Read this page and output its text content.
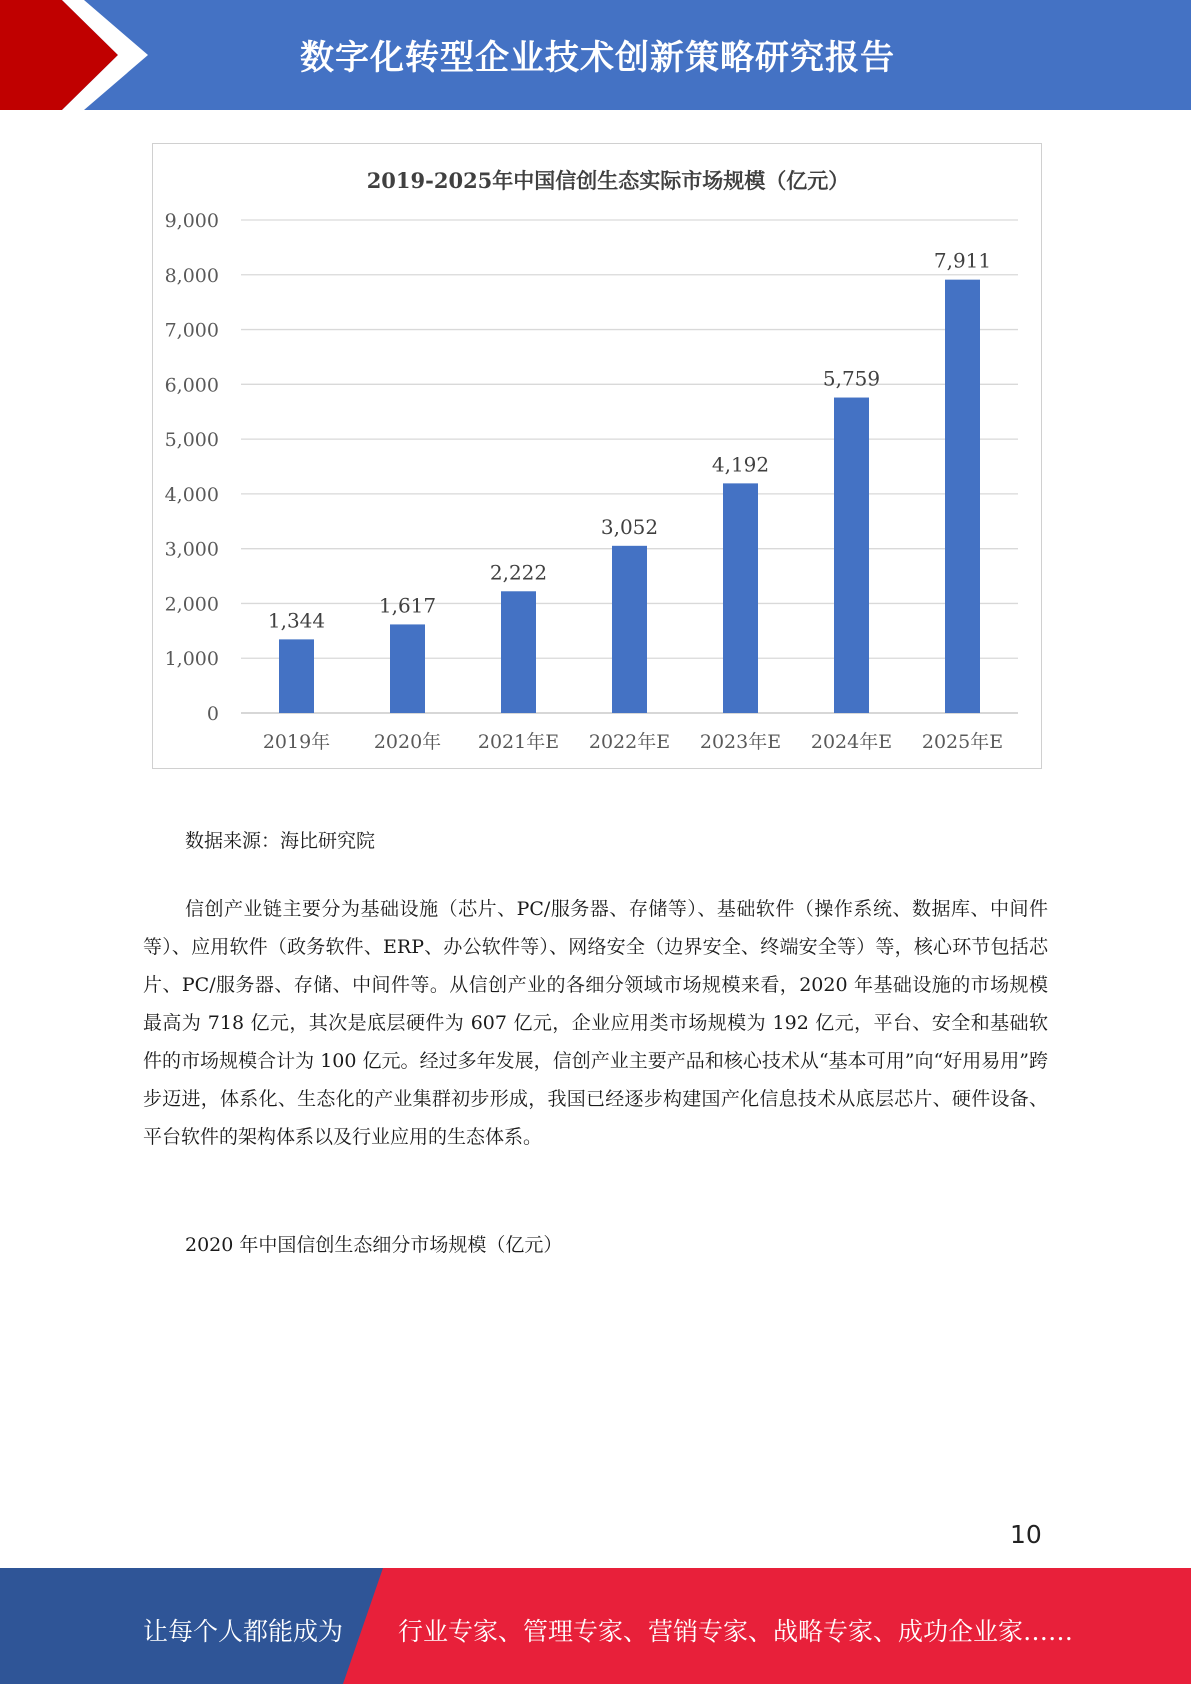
数字化转型企业技术创新策略研究报告
2019-2025年中国信创生态实际市场规模（亿元）
0
1,000
2,000
3,000
4,000
5,000
6,000
7,000
8,000
9,000
1,344
2019年
1,617
2020年
2,222
2021年E
3,052
2022年E
4,192
2023年E
5,759
2024年E
7,911
2025年E
数据来源：海比研究院

信创产业链主要分为基础设施（芯片、PC/服务器、存储等）、基础软件（操作系统、数据库、中间件等）、应用软件（政务软件、ERP、办公软件等）、网络安全（边界安全、终端安全等）等，核心环节包括芯片、PC/服务器、存储、中间件等。从信创产业的各细分领域市场规模来看，2020 年基础设施的市场规模最高为 718 亿元，其次是底层硬件为 607 亿元，企业应用类市场规模为 192 亿元，平台、安全和基础软件的市场规模合计为 100 亿元。经过多年发展，信创产业主要产品和核心技术从“基本可用”向“好用易用”跨步迈进，体系化、生态化的产业集群初步形成，我国已经逐步构建国产化信息技术从底层芯片、硬件设备、平台软件的架构体系以及行业应用的生态体系。

2020 年中国信创生态细分市场规模（亿元）
10
让每个人都能成为 行业专家、管理专家、营销专家、战略专家、成功企业家……
